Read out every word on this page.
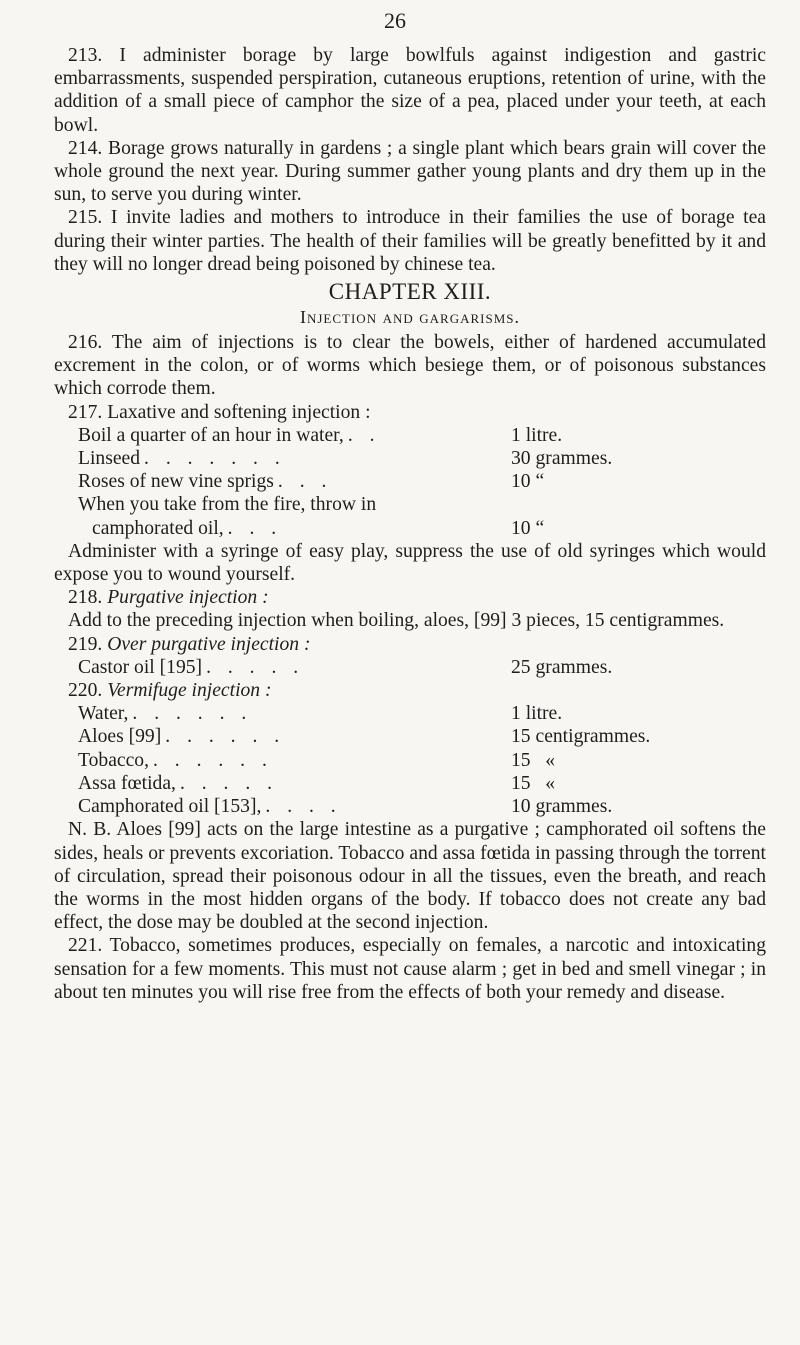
26

213. I administer borage by large bowlfuls against indigestion and gastric embarrassments, suspended perspiration, cutaneous eruptions, retention of urine, with the addition of a small piece of camphor the size of a pea, placed under your teeth, at each bowl.

214. Borage grows naturally in gardens ; a single plant which bears grain will cover the whole ground the next year. During summer gather young plants and dry them up in the sun, to serve you during winter.

215. I invite ladies and mothers to introduce in their families the use of borage tea during their winter parties. The health of their families will be greatly benefitted by it and they will no longer dread being poisoned by chinese tea.

CHAPTER XIII.
Injection and gargarisms.

216. The aim of injections is to clear the bowels, either of hardened accumulated excrement in the colon, or of worms which besiege them, or of poisonous substances which corrode them.

217. Laxative and softening injection :
Boil a quarter of an hour in water, . .	1 litre.
Linseed . . . . . . .	30 grammes.
Roses of new vine sprigs . . .	10 “
When you take from the fire, throw in
camphorated oil, . . .	10 “

Administer with a syringe of easy play, suppress the use of old syringes which would expose you to wound yourself.

218. Purgative injection :

Add to the preceding injection when boiling, aloes, [99] 3 pieces, 15 centigrammes.

219. Over purgative injection :
Castor oil [195] . . . . .	25 grammes.
220. Vermifuge injection :
Water, . . . . . .	1 litre.
Aloes [99] . . . . . .	15 centigrammes.
Tobacco, . . . . . .	15   «
Assa fœtida, . . . . .	15   «
Camphorated oil [153], . . . .	10 grammes.

N. B. Aloes [99] acts on the large intestine as a purgative ; camphorated oil softens the sides, heals or prevents excoriation. Tobacco and assa fœtida in passing through the torrent of circulation, spread their poisonous odour in all the tissues, even the breath, and reach the worms in the most hidden organs of the body. If tobacco does not create any bad effect, the dose may be doubled at the second injection.

221. Tobacco, sometimes produces, especially on females, a narcotic and intoxicating sensation for a few moments. This must not cause alarm ; get in bed and smell vinegar ; in about ten minutes you will rise free from the effects of both your remedy and disease.
